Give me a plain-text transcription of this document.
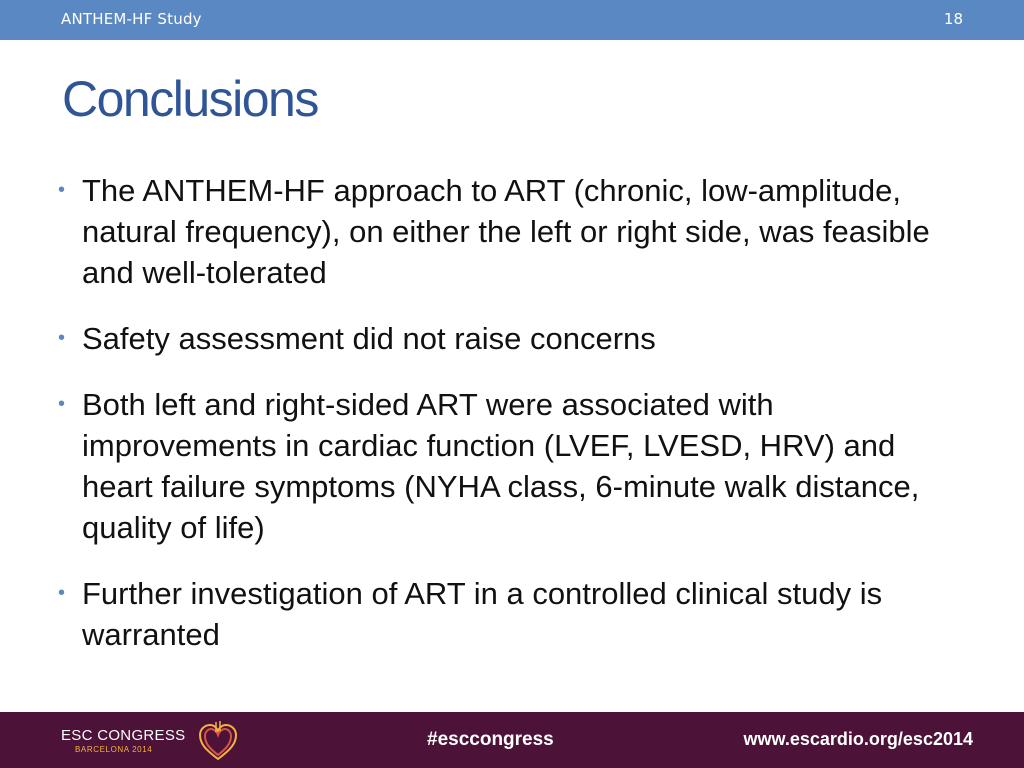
ANTHEM-HF Study	18
Conclusions
• The ANTHEM-HF approach to ART (chronic, low-amplitude, natural frequency), on either the left or right side, was feasible and well-tolerated
• Safety assessment did not raise concerns
• Both left and right-sided ART were associated with improvements in cardiac function (LVEF, LVESD, HRV) and heart failure symptoms (NYHA class, 6-minute walk distance, quality of life)
• Further investigation of ART in a controlled clinical study is warranted
ESC CONGRESS
BARCELONA 2014	#esccongress	www.escardio.org/esc2014
